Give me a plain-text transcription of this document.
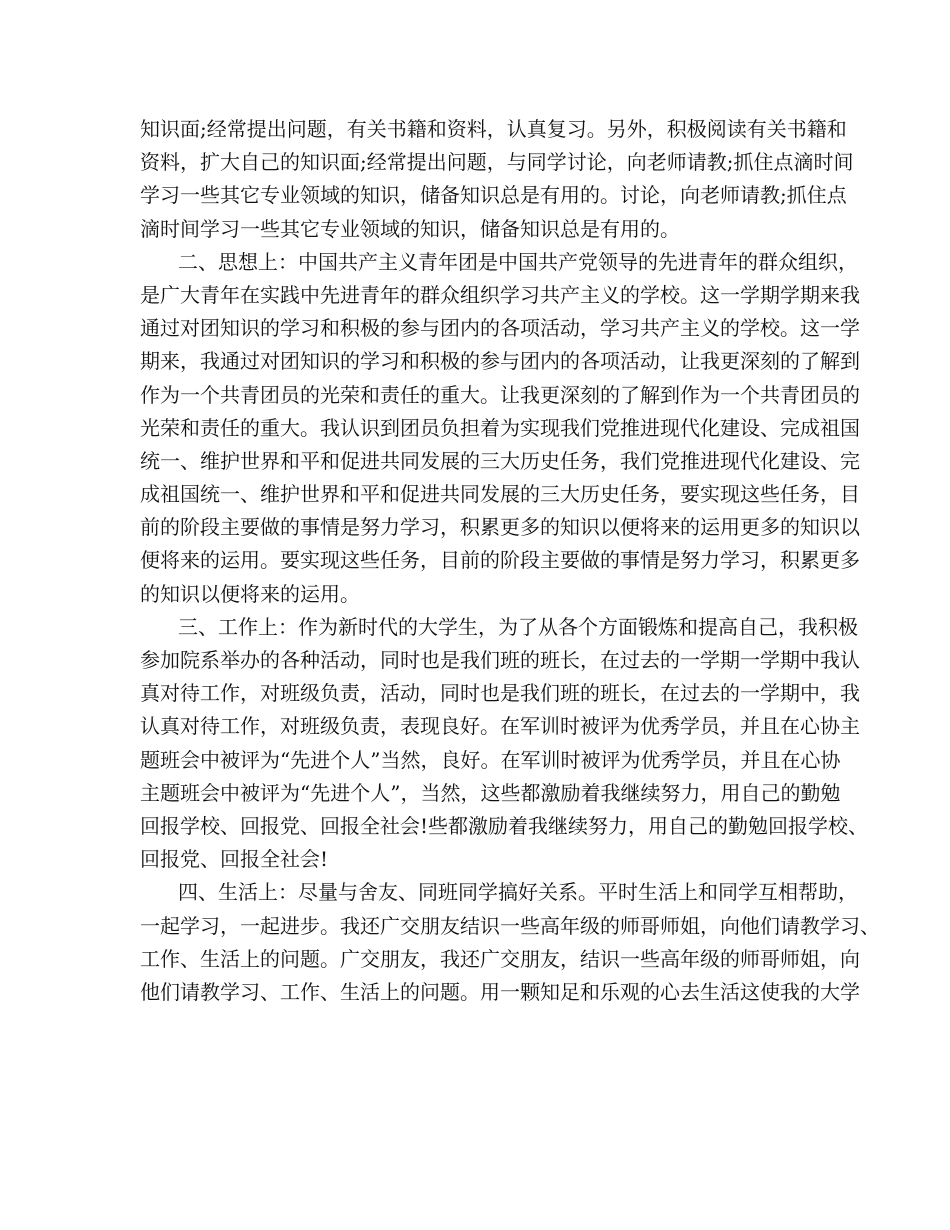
知识面;经常提出问题，有关书籍和资料，认真复习。另外，积极阅读有关书籍和
资料，扩大自己的知识面;经常提出问题，与同学讨论，向老师请教;抓住点滴时间
学习一些其它专业领域的知识，储备知识总是有用的。讨论，向老师请教;抓住点
滴时间学习一些其它专业领域的知识，储备知识总是有用的。
二、思想上：中国共产主义青年团是中国共产党领导的先进青年的群众组织，
是广大青年在实践中先进青年的群众组织学习共产主义的学校。这一学期学期来我
通过对团知识的学习和积极的参与团内的各项活动，学习共产主义的学校。这一学
期来，我通过对团知识的学习和积极的参与团内的各项活动，让我更深刻的了解到
作为一个共青团员的光荣和责任的重大。让我更深刻的了解到作为一个共青团员的
光荣和责任的重大。我认识到团员负担着为实现我们党推进现代化建设、完成祖国
统一、维护世界和平和促进共同发展的三大历史任务，我们党推进现代化建设、完
成祖国统一、维护世界和平和促进共同发展的三大历史任务，要实现这些任务，目
前的阶段主要做的事情是努力学习，积累更多的知识以便将来的运用更多的知识以
便将来的运用。要实现这些任务，目前的阶段主要做的事情是努力学习，积累更多
的知识以便将来的运用。
三、工作上：作为新时代的大学生，为了从各个方面锻炼和提高自己，我积极
参加院系举办的各种活动，同时也是我们班的班长，在过去的一学期一学期中我认
真对待工作，对班级负责，活动，同时也是我们班的班长，在过去的一学期中，我
认真对待工作，对班级负责，表现良好。在军训时被评为优秀学员，并且在心协主
题班会中被评为“先进个人”当然，良好。在军训时被评为优秀学员，并且在心协
主题班会中被评为“先进个人”，当然，这些都激励着我继续努力，用自己的勤勉
回报学校、回报党、回报全社会!些都激励着我继续努力，用自己的勤勉回报学校、
回报党、回报全社会!
四、生活上：尽量与舍友、同班同学搞好关系。平时生活上和同学互相帮助，
一起学习，一起进步。我还广交朋友结识一些高年级的师哥师姐，向他们请教学习、
工作、生活上的问题。广交朋友，我还广交朋友，结识一些高年级的师哥师姐，向
他们请教学习、工作、生活上的问题。用一颗知足和乐观的心去生活这使我的大学
